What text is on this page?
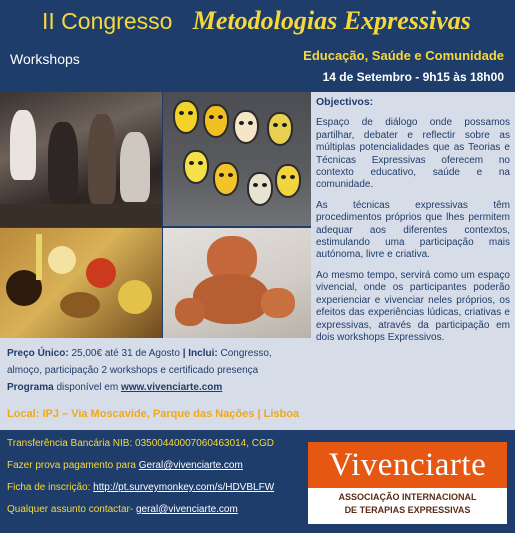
II Congresso Metodologias Expressivas
Workshops	Educação, Saúde e Comunidade
14 de Setembro - 9h15 às 18h00
Objectivos:

Espaço de diálogo onde possamos partilhar, debater e reflectir sobre as múltiplas potencialidades que as Teorias e Técnicas Expressivas oferecem no contexto educativo, saúde e na comunidade.

As técnicas expressivas têm procedimentos próprios que lhes permitem adequar aos diferentes contextos, estimulando uma participação mais autónoma, livre e criativa.

Ao mesmo tempo, servirá como um espaço vivencial, onde os participantes poderão experienciar e vivenciar neles próprios, os efeitos das experiências lúdicas, criativas e expressivas, através da participação em dois workshops Expressivos.

Preço Único: 25,00€ até 31 de Agosto | Inclui: Congresso, almoço, participação 2 workshops e certificado presença
Programa disponível em www.vivenciarte.com
Local: IPJ – Via Moscavide, Parque das Nações | Lisboa
Transferência Bancária NIB: 0350044000706046301​4, CGD
Fazer prova pagamento para Geral@vivenciarte.com
Ficha de inscrição: http://pt.surveymonkey.com/s/HDVBLFW
Qualquer assunto contactar- geral@vivenciarte.com
Vivenciarte
ASSOCIAÇÃO INTERNACIONAL
DE TERAPIAS EXPRESSIVAS
